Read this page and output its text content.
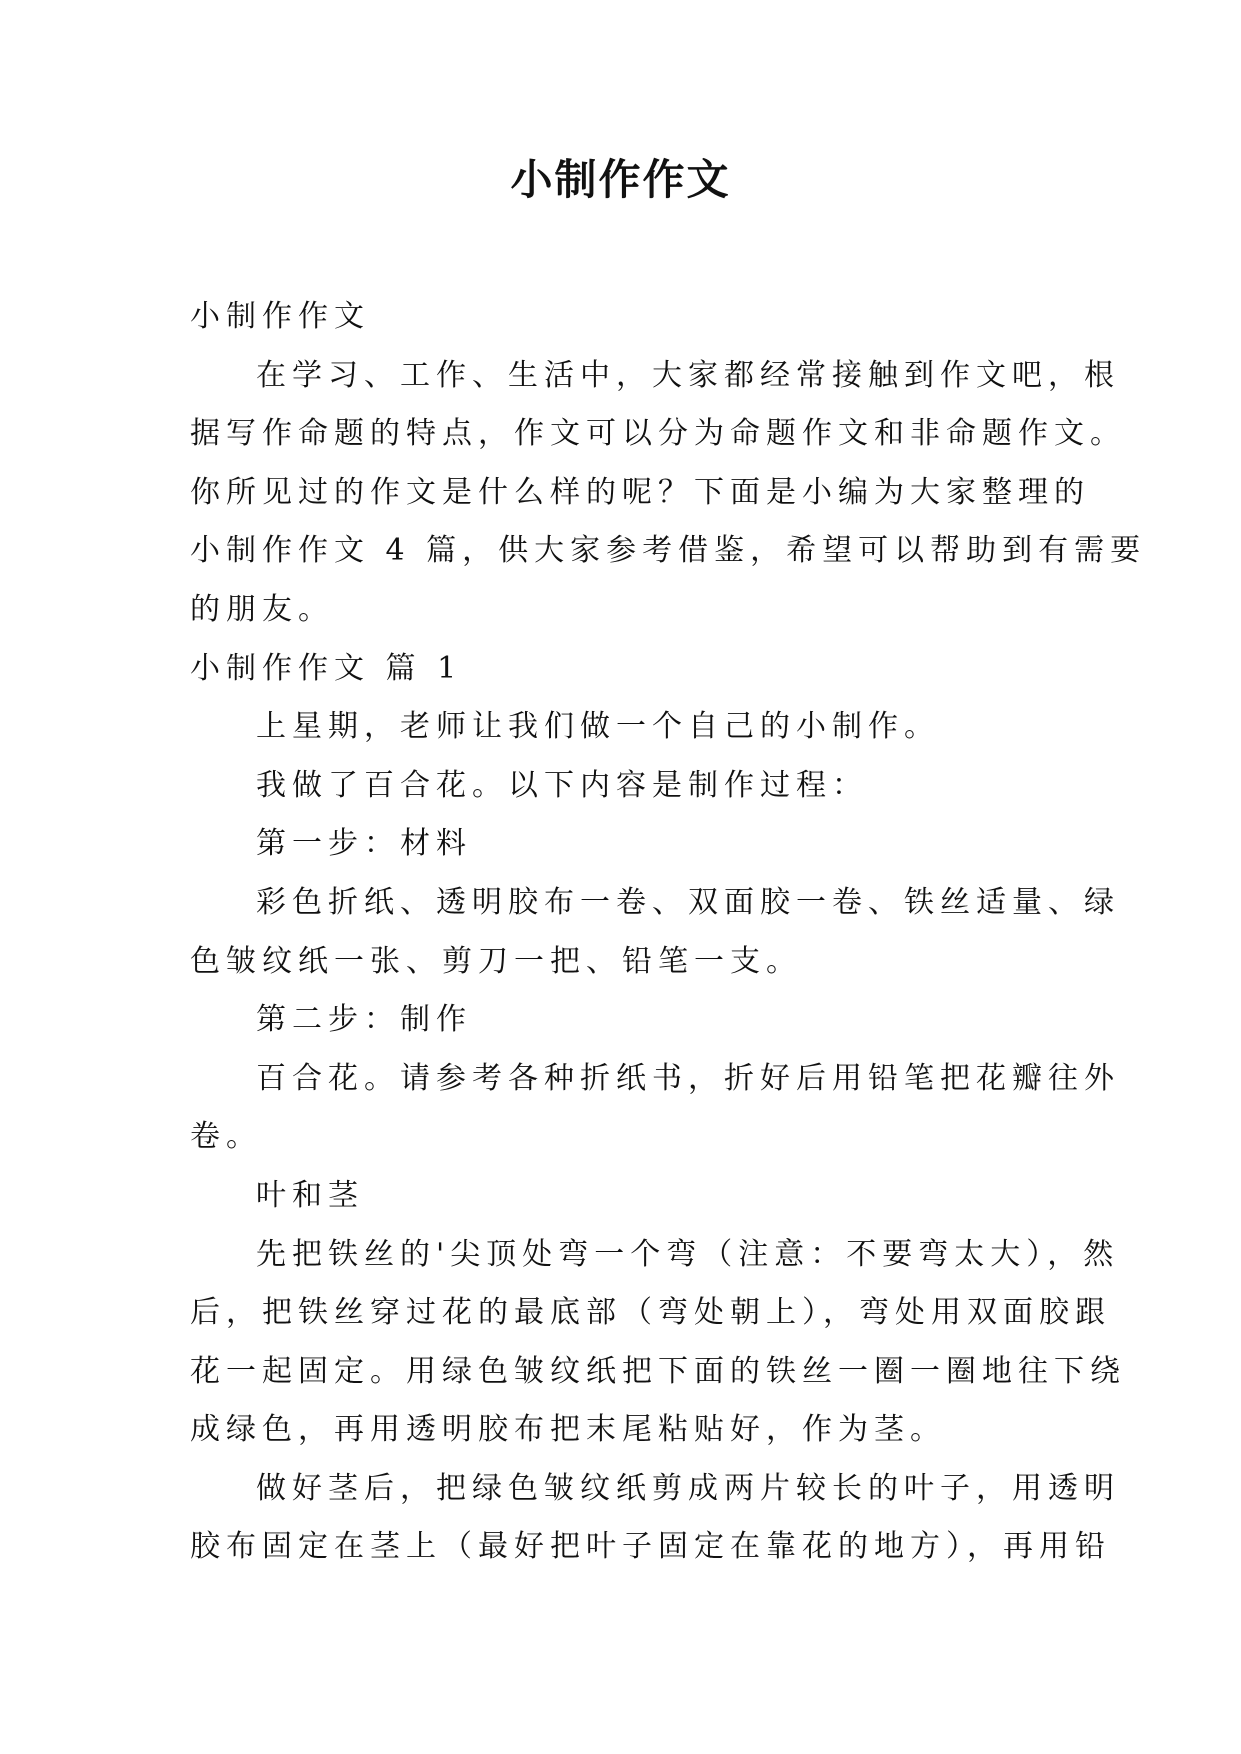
小制作作文
小制作作文
在学习、工作、生活中，大家都经常接触到作文吧，根
据写作命题的特点，作文可以分为命题作文和非命题作文。
你所见过的作文是什么样的呢？下面是小编为大家整理的
小制作作文 4 篇，供大家参考借鉴，希望可以帮助到有需要
的朋友。
小制作作文 篇 1
上星期，老师让我们做一个自己的小制作。
我做了百合花。以下内容是制作过程：
第一步：材料
彩色折纸、透明胶布一卷、双面胶一卷、铁丝适量、绿
色皱纹纸一张、剪刀一把、铅笔一支。
第二步：制作
百合花。请参考各种折纸书，折好后用铅笔把花瓣往外
卷。
叶和茎
先把铁丝的'尖顶处弯一个弯（注意：不要弯太大），然
后，把铁丝穿过花的最底部（弯处朝上），弯处用双面胶跟
花一起固定。用绿色皱纹纸把下面的铁丝一圈一圈地往下绕
成绿色，再用透明胶布把末尾粘贴好，作为茎。
做好茎后，把绿色皱纹纸剪成两片较长的叶子，用透明
胶布固定在茎上（最好把叶子固定在靠花的地方），再用铅
